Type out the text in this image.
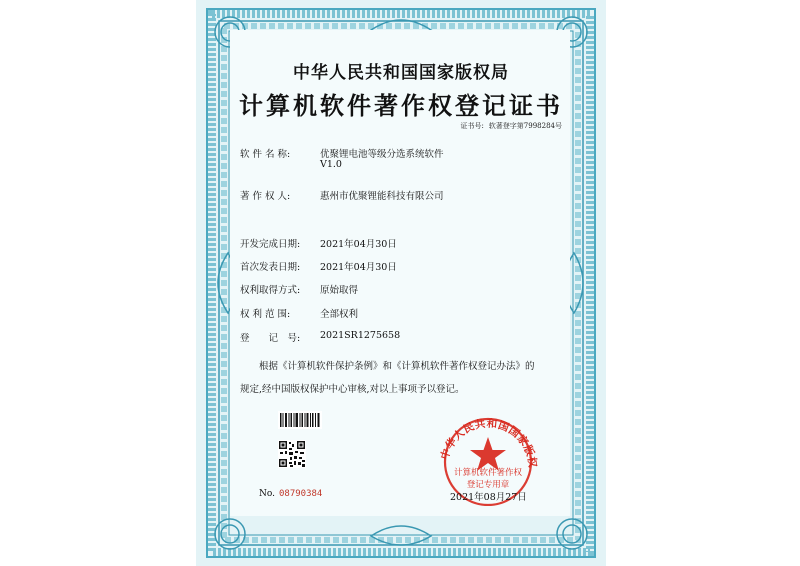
中华人民共和国国家版权局
计算机软件著作权登记证书
证书号: 软著登字第7998284号
软 件 名 称:	优聚锂电池等级分选系统软件
V1.0
著 作 权 人:	惠州市优聚锂能科技有限公司
开发完成日期: 2021年04月30日
首次发表日期: 2021年04月30日
权利取得方式: 原始取得
权 利 范 围:	全部权利
登　　记　号: 2021SR1275658
根据《计算机软件保护条例》和《计算机软件著作权登记办法》的
规定,经中国版权保护中心审核,对以上事项予以登记。
No. 08790384
中华人民共和国国家版权
计算机软件著作权
登记专用章
2021年08月27日
